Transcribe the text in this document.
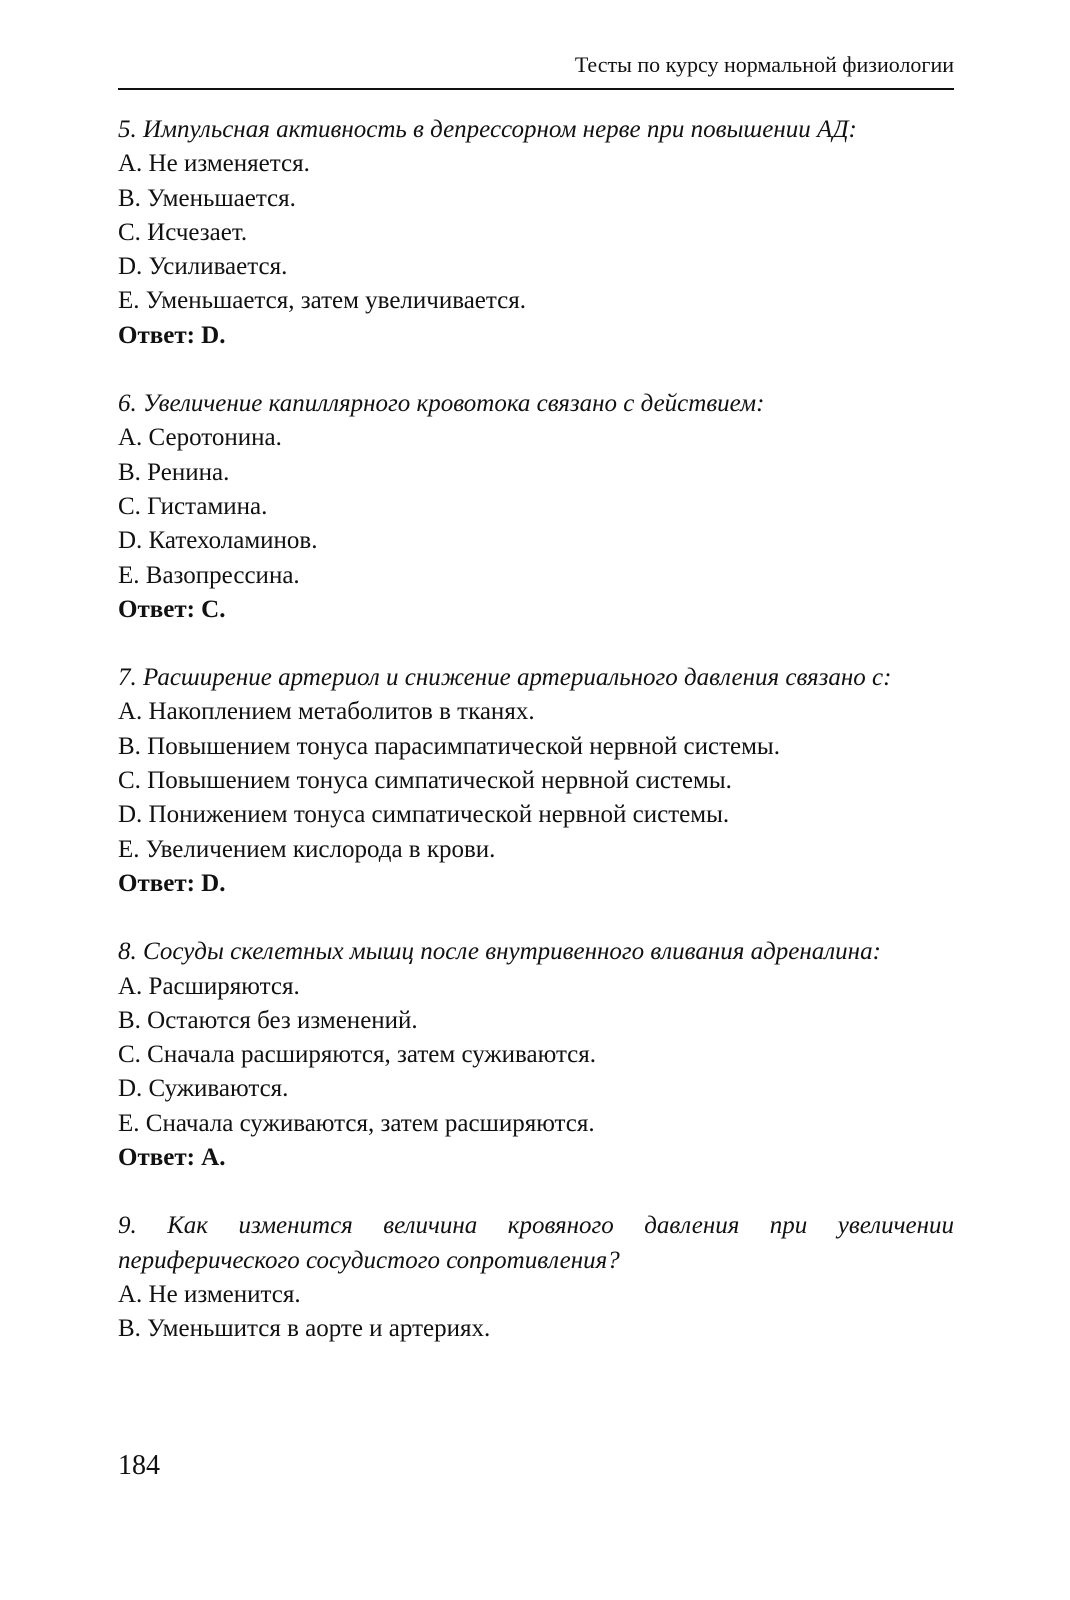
Тесты по курсу нормальной физиологии
5. Импульсная активность в депрессорном нерве при повышении АД:
А. Не изменяется.
В. Уменьшается.
С. Исчезает.
D. Усиливается.
Е. Уменьшается, затем увеличивается.
Ответ: D.
6. Увеличение капиллярного кровотока связано с действием:
А. Серотонина.
В. Ренина.
С. Гистамина.
D. Катехоламинов.
Е. Вазопрессина.
Ответ: С.
7. Расширение артериол и снижение артериального давления связано с:
А. Накоплением метаболитов в тканях.
В. Повышением тонуса парасимпатической нервной системы.
С. Повышением тонуса симпатической нервной системы.
D. Понижением тонуса симпатической нервной системы.
Е. Увеличением кислорода в крови.
Ответ: D.
8. Сосуды скелетных мышц после внутривенного вливания адреналина:
А. Расширяются.
В. Остаются без изменений.
С. Сначала расширяются, затем суживаются.
D. Суживаются.
Е. Сначала суживаются, затем расширяются.
Ответ: А.
9. Как изменится величина кровяного давления при увеличении периферического сосудистого сопротивления?
А. Не изменится.
В. Уменьшится в аорте и артериях.
184
